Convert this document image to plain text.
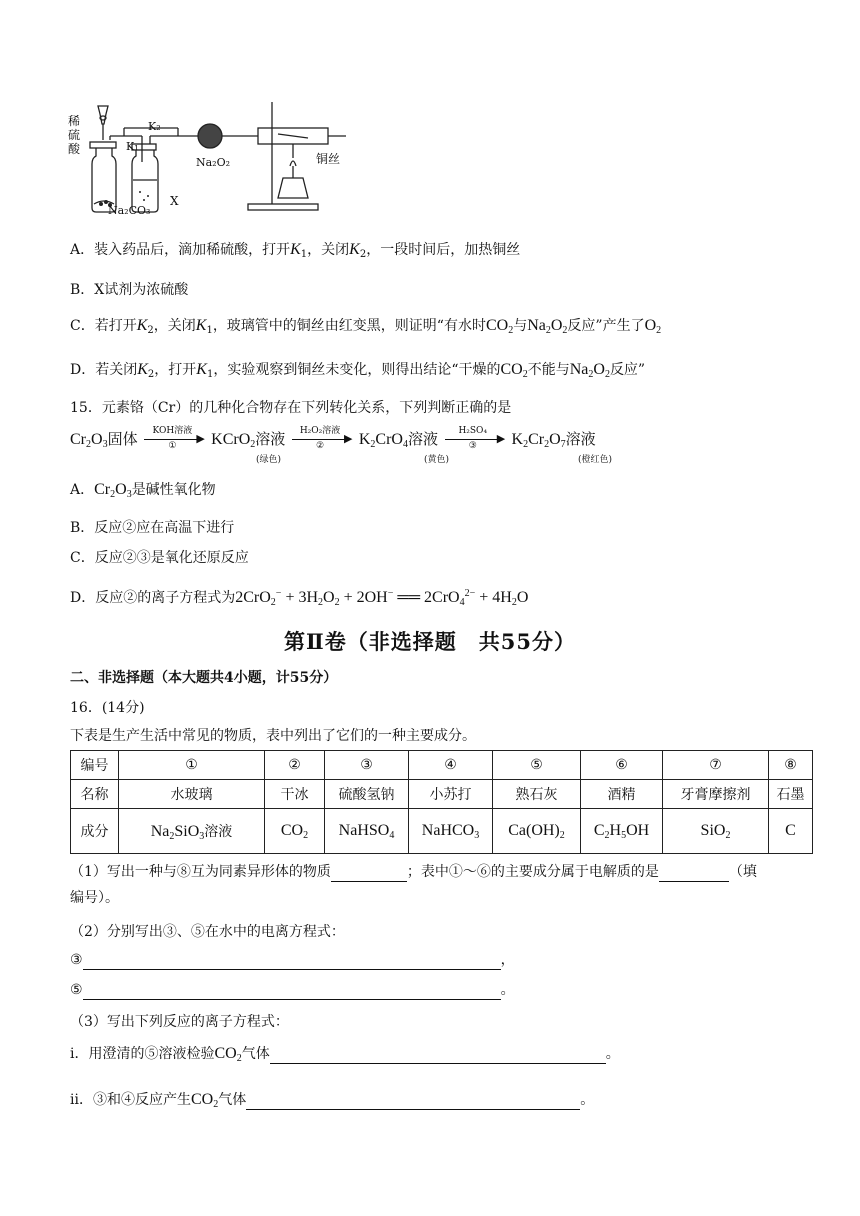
稀硫酸
K₂
K₁
Na₂CO₃
X
Na₂O₂	铜丝
A．装入药品后，滴加稀硫酸，打开$K_1$，关闭$K_2$，一段时间后，加热铜丝
B．X试剂为浓硫酸
C．若打开$K_2$，关闭$K_1$，玻璃管中的铜丝由红变黑，则证明“有水时$CO_2$与$Na_2O_2$反应”产生了$O_2$
D．若关闭$K_2$，打开$K_1$，实验观察到铜丝未变化，则得出结论“干燥的$CO_2$不能与$Na_2O_2$反应”
15．元素铬（Cr）的几种化合物存在下列转化关系，下列判断正确的是
$Cr_2O_3$固体	KOH溶液
▶
①	KCrO$_2$溶液	H₂O₂溶液
▶
②	$K_2CrO_4$溶液	H₂SO₄
▶
③	$K_2Cr_2O_7$溶液
(绿色)	(黄色)	(橙红色)
A．$Cr_2O_3$是碱性氧化物
B．反应②应在高温下进行
C．反应②③是氧化还原反应
D．反应②的离子方程式为$2CrO_2^- + 3H_2O_2 + 2OH^-$ ══ $2CrO_4^{2-} + 4H_2O$
第Ⅱ卷（非选择题　共55分）
二、非选择题（本大题共4小题，计55分）
16．(14分)
下表是生产生活中常见的物质，表中列出了它们的一种主要成分。
编号	①	②	③	④	⑤	⑥	⑦	⑧
名称	水玻璃	干冰	硫酸氢钠	小苏打	熟石灰	酒精	牙膏摩擦剂	石墨
成分	$Na_2SiO_3$溶液	$CO_2$	NaHSO$_4$	NaHCO$_3$	$Ca(OH)_2$	$C_2H_5OH$	SiO$_2$	C
（1）写出一种与⑧互为同素异形体的物质	；表中①～⑥的主要成分属于电解质的是	（填
编号）。
（2）分别写出③、⑤在水中的电离方程式：
③	，
⑤	。
（3）写出下列反应的离子方程式：
ⅰ．用澄清的⑤溶液检验$CO_2$气体	。
ⅱ．③和④反应产生$CO_2$气体	。
